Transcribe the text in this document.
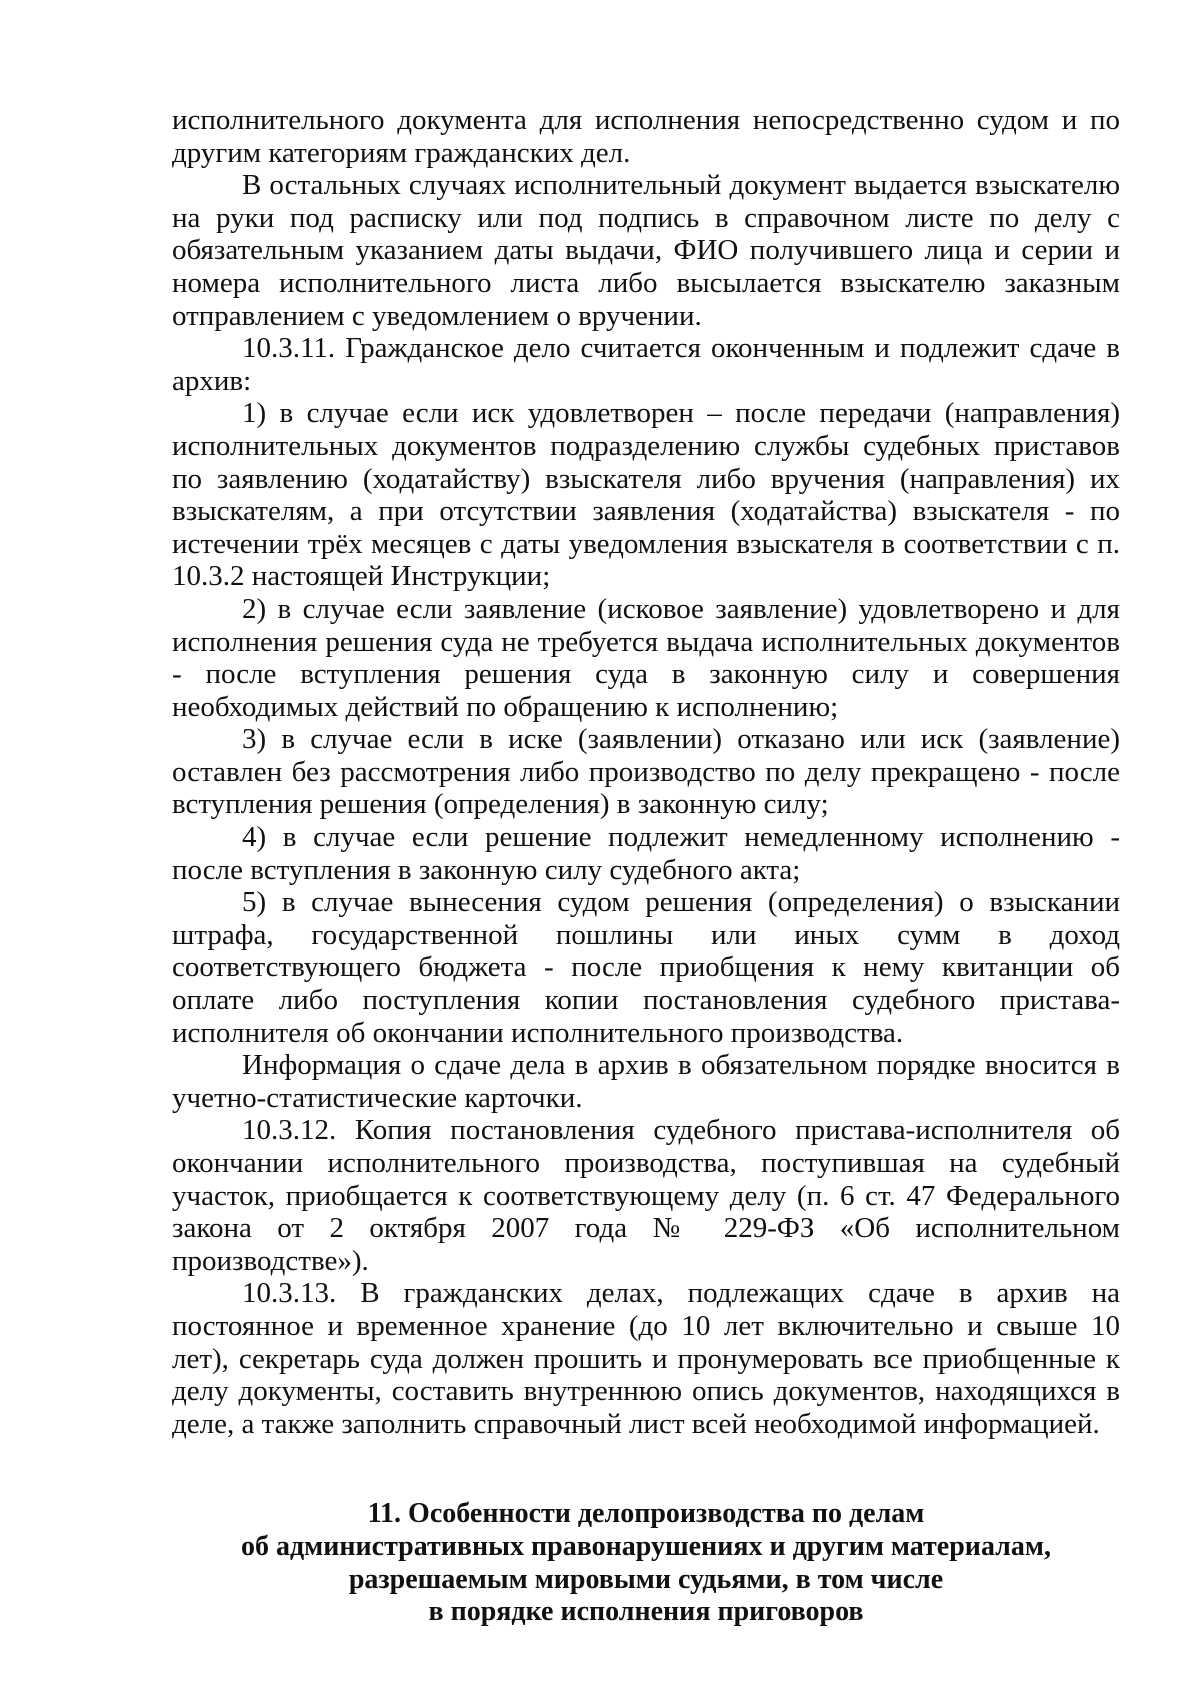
исполнительного документа для исполнения непосредственно судом и по другим категориям гражданских дел.

В остальных случаях исполнительный документ выдается взыскателю на руки под расписку или под подпись в справочном листе по делу с обязательным указанием даты выдачи, ФИО получившего лица и серии и номера исполнительного листа либо высылается взыскателю заказным отправлением с уведомлением о вручении.

10.3.11. Гражданское дело считается оконченным и подлежит сдаче в архив:

1) в случае если иск удовлетворен – после передачи (направления) исполнительных документов подразделению службы судебных приставов по заявлению (ходатайству) взыскателя либо вручения (направления) их взыскателям, а при отсутствии заявления (ходатайства) взыскателя - по истечении трёх месяцев с даты уведомления взыскателя в соответствии с п. 10.3.2 настоящей Инструкции;

2) в случае если заявление (исковое заявление) удовлетворено и для исполнения решения суда не требуется выдача исполнительных документов - после вступления решения суда в законную силу и совершения необходимых действий по обращению к исполнению;

3) в случае если в иске (заявлении) отказано или иск (заявление) оставлен без рассмотрения либо производство по делу прекращено - после вступления решения (определения) в законную силу;

4) в случае если решение подлежит немедленному исполнению - после вступления в законную силу судебного акта;

5) в случае вынесения судом решения (определения) о взыскании штрафа, государственной пошлины или иных сумм в доход соответствующего бюджета - после приобщения к нему квитанции об оплате либо поступления копии постановления судебного пристава-исполнителя об окончании исполнительного производства.

Информация о сдаче дела в архив в обязательном порядке вносится в учетно-статистические карточки.

10.3.12. Копия постановления судебного пристава-исполнителя об окончании исполнительного производства, поступившая на судебный участок, приобщается к соответствующему делу (п. 6 ст. 47 Федерального закона от 2 октября 2007 года № 229-ФЗ «Об исполнительном производстве»).

10.3.13. В гражданских делах, подлежащих сдаче в архив на постоянное и временное хранение (до 10 лет включительно и свыше 10 лет), секретарь суда должен прошить и пронумеровать все приобщенные к делу документы, составить внутреннюю опись документов, находящихся в деле, а также заполнить справочный лист всей необходимой информацией.

11. Особенности делопроизводства по делам
об административных правонарушениях и другим материалам,
разрешаемым мировыми судьями, в том числе
в порядке исполнения приговоров
